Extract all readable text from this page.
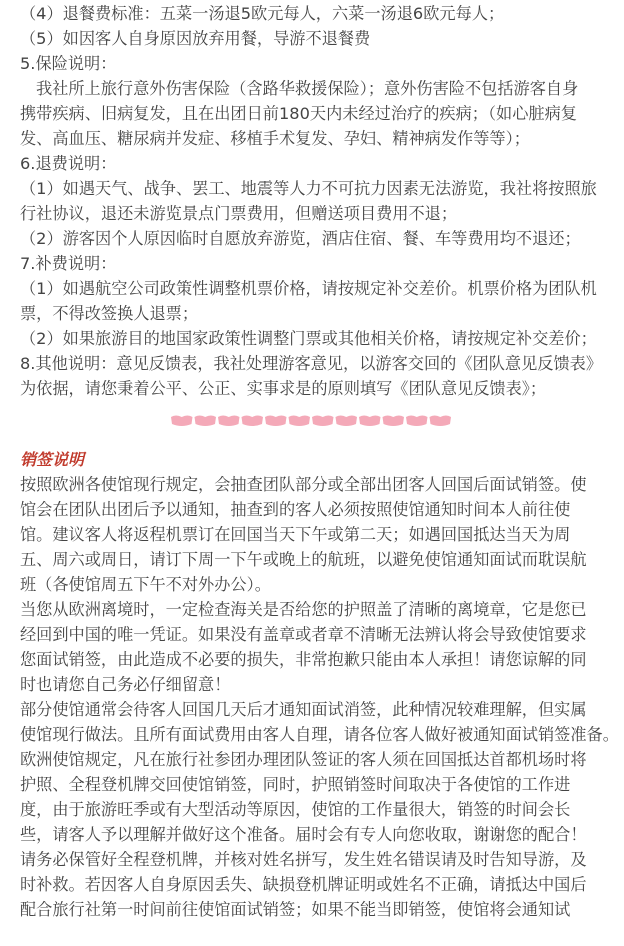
（4）退餐费标准：五菜一汤退5欧元每人，六菜一汤退6欧元每人；
（5）如因客人自身原因放弃用餐，导游不退餐费
5.保险说明：
我社所上旅行意外伤害保险（含路华救援保险）；意外伤害险不包括游客自身
携带疾病、旧病复发，且在出团日前180天内未经过治疗的疾病；（如心脏病复
发、高血压、糖尿病并发症、移植手术复发、孕妇、精神病发作等等）；
6.退费说明：
（1）如遇天气、战争、罢工、地震等人力不可抗力因素无法游览，我社将按照旅
行社协议，退还未游览景点门票费用，但赠送项目费用不退；
（2）游客因个人原因临时自愿放弃游览，酒店住宿、餐、车等费用均不退还；
7.补费说明：
（1）如遇航空公司政策性调整机票价格，请按规定补交差价。机票价格为团队机
票，不得改签换人退票；
（2）如果旅游目的地国家政策性调整门票或其他相关价格，请按规定补交差价；
8.其他说明：意见反馈表，我社处理游客意见，以游客交回的《团队意见反馈表》
为依据，请您秉着公平、公正、实事求是的原则填写《团队意见反馈表》；
销签说明
按照欧洲各使馆现行规定，会抽查团队部分或全部出团客人回国后面试销签。使
馆会在团队出团后予以通知，抽查到的客人必须按照使馆通知时间本人前往使
馆。建议客人将返程机票订在回国当天下午或第二天；如遇回国抵达当天为周
五、周六或周日，请订下周一下午或晚上的航班，以避免使馆通知面试而耽误航
班（各使馆周五下午不对外办公）。
当您从欧洲离境时，一定检查海关是否给您的护照盖了清晰的离境章，它是您已
经回到中国的唯一凭证。如果没有盖章或者章不清晰无法辨认将会导致使馆要求
您面试销签，由此造成不必要的损失，非常抱歉只能由本人承担！请您谅解的同
时也请您自己务必仔细留意！
部分使馆通常会待客人回国几天后才通知面试消签，此种情况较难理解，但实属
使馆现行做法。且所有面试费用由客人自理，请各位客人做好被通知面试销签准备。
欧洲使馆规定，凡在旅行社参团办理团队签证的客人须在回国抵达首都机场时将
护照、全程登机牌交回使馆销签，同时，护照销签时间取决于各使馆的工作进
度，由于旅游旺季或有大型活动等原因，使馆的工作量很大，销签的时间会长
些，请客人予以理解并做好这个准备。届时会有专人向您收取，谢谢您的配合！
请务必保管好全程登机牌，并核对姓名拼写，发生姓名错误请及时告知导游，及
时补救。若因客人自身原因丢失、缺损登机牌证明或姓名不正确，请抵达中国后
配合旅行社第一时间前往使馆面试销签；如果不能当即销签，使馆将会通知试
